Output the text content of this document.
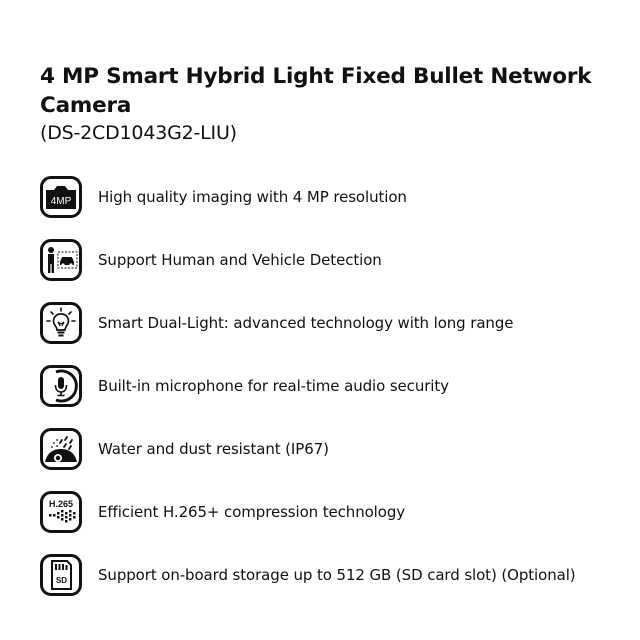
4 MP Smart Hybrid Light Fixed Bullet Network Camera
(DS-2CD1043G2-LIU)
4MP High quality imaging with 4 MP resolution
Support Human and Vehicle Detection
Smart Dual-Light: advanced technology with long range
Built-in microphone for real-time audio security
Water and dust resistant (IP67)
H.265 Efficient H.265+ compression technology
SD Support on-board storage up to 512 GB (SD card slot) (Optional)
